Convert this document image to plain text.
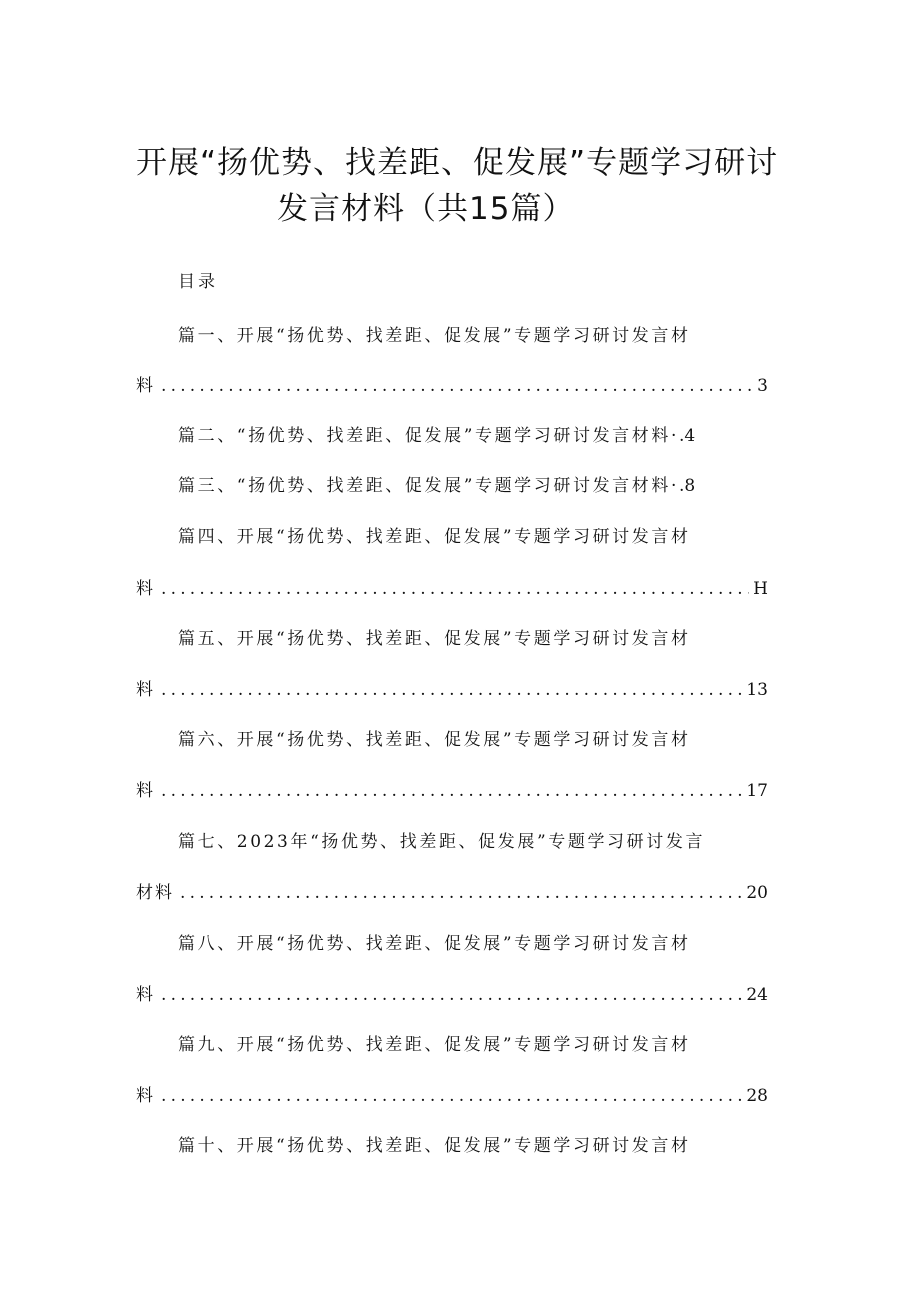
开展“扬优势、找差距、促发展”专题学习研讨
发言材料（共15篇）
目录
篇一、开展“扬优势、找差距、促发展”专题学习研讨发言材
料 .....	3
篇二、“扬优势、找差距、促发展”专题学习研讨发言材料· .4
篇三、“扬优势、找差距、促发展”专题学习研讨发言材料· .8
篇四、开展“扬优势、找差距、促发展”专题学习研讨发言材
料 .....	H
篇五、开展“扬优势、找差距、促发展”专题学习研讨发言材
料 .....	13
篇六、开展“扬优势、找差距、促发展”专题学习研讨发言材
料 .....	17
篇七、2023年“扬优势、找差距、促发展”专题学习研讨发言
材料 .....	20
篇八、开展“扬优势、找差距、促发展”专题学习研讨发言材
料 .....	24
篇九、开展“扬优势、找差距、促发展”专题学习研讨发言材
料 .....	28
篇十、开展“扬优势、找差距、促发展”专题学习研讨发言材
